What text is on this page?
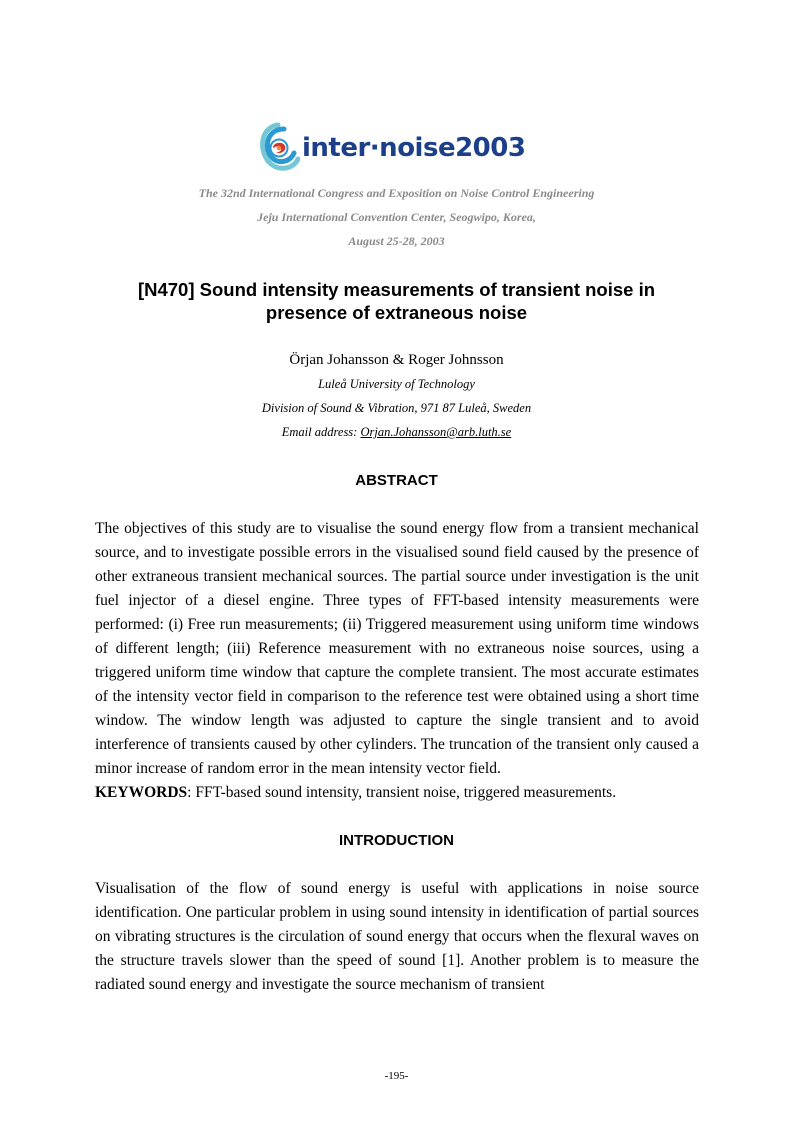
inter·noise2003
The 32nd International Congress and Exposition on Noise Control Engineering
Jeju International Convention Center, Seogwipo, Korea,
August 25-28, 2003
[N470] Sound intensity measurements of transient noise in presence of extraneous noise
Örjan Johansson & Roger Johnsson
Luleå University of Technology
Division of Sound & Vibration, 971 87 Luleå, Sweden
Email address: Orjan.Johansson@arb.luth.se
ABSTRACT

The objectives of this study are to visualise the sound energy flow from a transient mechanical source, and to investigate possible errors in the visualised sound field caused by the presence of other extraneous transient mechanical sources. The partial source under investigation is the unit fuel injector of a diesel engine. Three types of FFT-based intensity measurements were performed: (i) Free run measurements; (ii) Triggered measurement using uniform time windows of different length; (iii) Reference measurement with no extraneous noise sources, using a triggered uniform time window that capture the complete transient. The most accurate estimates of the intensity vector field in comparison to the reference test were obtained using a short time window. The window length was adjusted to capture the single transient and to avoid interference of transients caused by other cylinders. The truncation of the transient only caused a minor increase of random error in the mean intensity vector field.

KEYWORDS: FFT-based sound intensity, transient noise, triggered measurements.

INTRODUCTION

Visualisation of the flow of sound energy is useful with applications in noise source identification. One particular problem in using sound intensity in identification of partial sources on vibrating structures is the circulation of sound energy that occurs when the flexural waves on the structure travels slower than the speed of sound [1]. Another problem is to measure the radiated sound energy and investigate the source mechanism of transient

-195-
